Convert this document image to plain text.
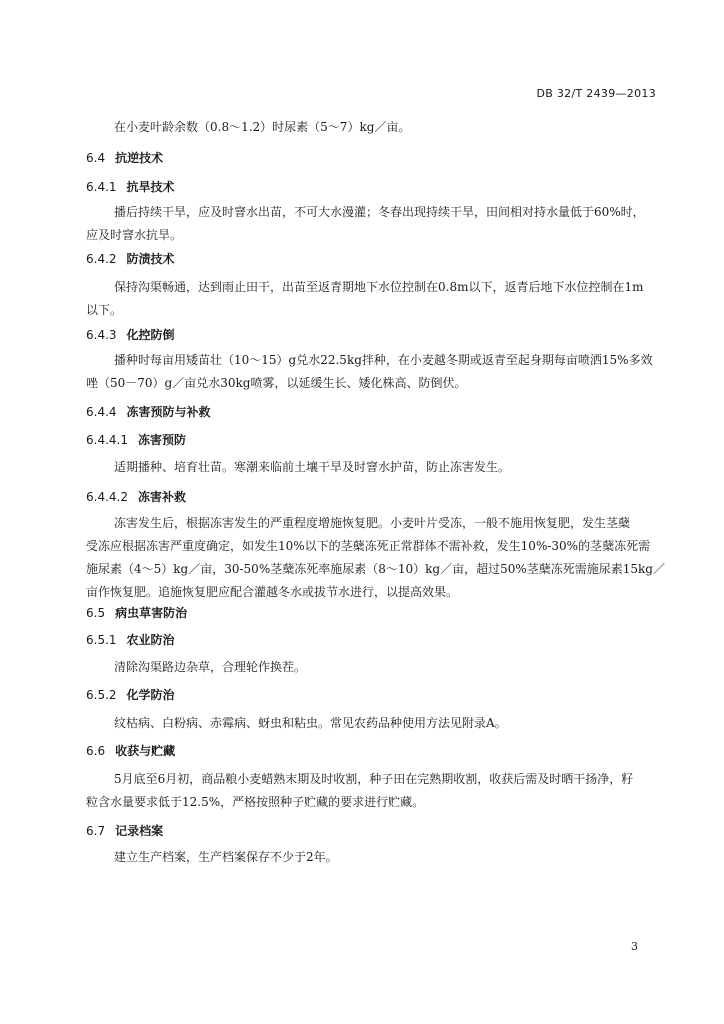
DB 32/T 2439—2013
在小麦叶龄余数（0.8～1.2）时尿素（5～7）kg／亩。
6.4 抗逆技术
6.4.1 抗旱技术
播后持续干旱，应及时窨水出苗，不可大水漫灌；冬春出现持续干旱，田间相对持水量低于60%时，
应及时窨水抗旱。
6.4.2 防渍技术
保持沟渠畅通，达到雨止田干，出苗至返青期地下水位控制在0.8m以下，返青后地下水位控制在1m
以下。
6.4.3 化控防倒
播种时每亩用矮苗壮（10～15）g兑水22.5kg拌种，在小麦越冬期或返青至起身期每亩喷洒15%多效
唑（50－70）g／亩兑水30kg喷雾，以延缓生长、矮化株高、防倒伏。
6.4.4 冻害预防与补救
6.4.4.1 冻害预防
适期播种、培育壮苗。寒潮来临前土壤干旱及时窨水护苗，防止冻害发生。
6.4.4.2 冻害补救
冻害发生后，根据冻害发生的严重程度增施恢复肥。小麦叶片受冻，一般不施用恢复肥，发生茎蘖
受冻应根据冻害严重度确定，如发生10%以下的茎蘖冻死正常群体不需补救，发生10%-30%的茎蘖冻死需
施尿素（4～5）kg／亩，30-50%茎蘖冻死率施尿素（8～10）kg／亩，超过50%茎蘖冻死需施尿素15kg／
亩作恢复肥。追施恢复肥应配合灌越冬水或拔节水进行，以提高效果。
6.5 病虫草害防治
6.5.1 农业防治
清除沟渠路边杂草，合理轮作换茬。
6.5.2 化学防治
纹枯病、白粉病、赤霉病、蚜虫和粘虫。常见农药品种使用方法见附录A。
6.6 收获与贮藏
5月底至6月初，商品粮小麦蜡熟末期及时收割，种子田在完熟期收割，收获后需及时晒干扬净，籽
粒含水量要求低于12.5%，严格按照种子贮藏的要求进行贮藏。
6.7 记录档案
建立生产档案，生产档案保存不少于2年。
3
